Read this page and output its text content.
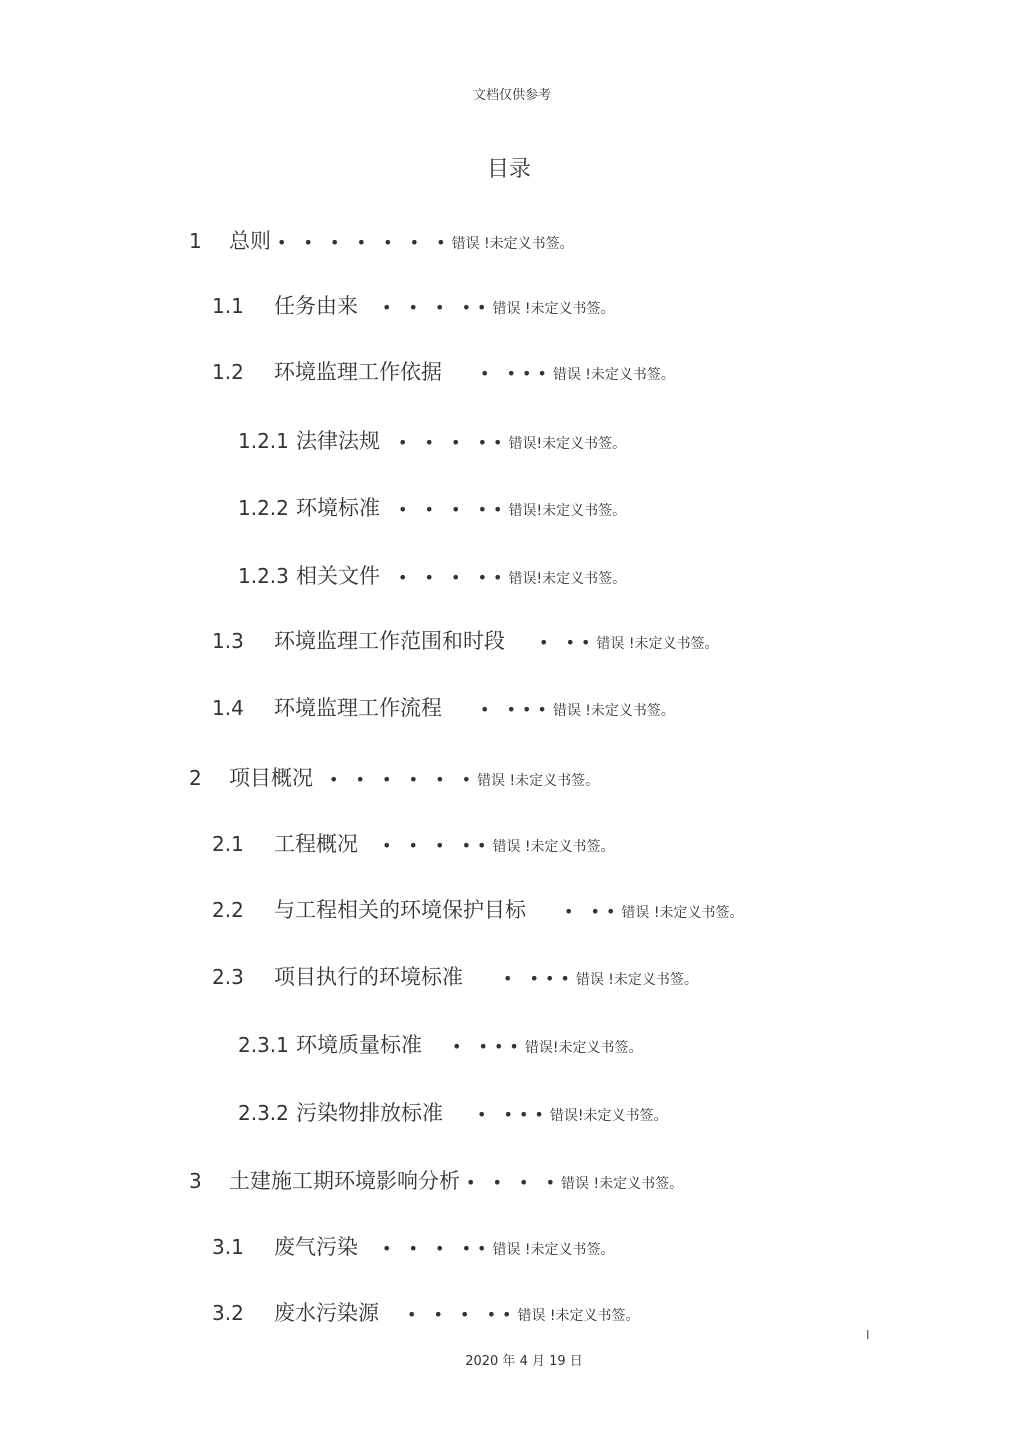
文档仅供参考
目录
1 总则 • • • • • • •错误 !未定义书签。
1.1 任务由来 • • • ••错误 !未定义书签。
1.2 环境监理工作依据 • •••错误 !未定义书签。
1.2.1 法律法规 • • • ••错误!未定义书签。
1.2.2 环境标准 • • • ••错误!未定义书签。
1.2.3 相关文件 • • • ••错误!未定义书签。
1.3 环境监理工作范围和时段 • ••错误 !未定义书签。
1.4 环境监理工作流程 • •••错误 !未定义书签。
2 项目概况 • • • • • •错误 !未定义书签。
2.1 工程概况 • • • ••错误 !未定义书签。
2.2 与工程相关的环境保护目标 • ••错误 !未定义书签。
2.3 项目执行的环境标准	• •••错误 !未定义书签。
2.3.1 环境质量标准 • •••错误!未定义书签。
2.3.2 污染物排放标准 • •••错误!未定义书签。
3 土建施工期环境影响分析 • • • •错误 !未定义书签。
3.1 废气污染 • • • ••错误 !未定义书签。
3.2 废水污染源 • • • ••错误 !未定义书签。
I
2020 年 4 月 19 日
